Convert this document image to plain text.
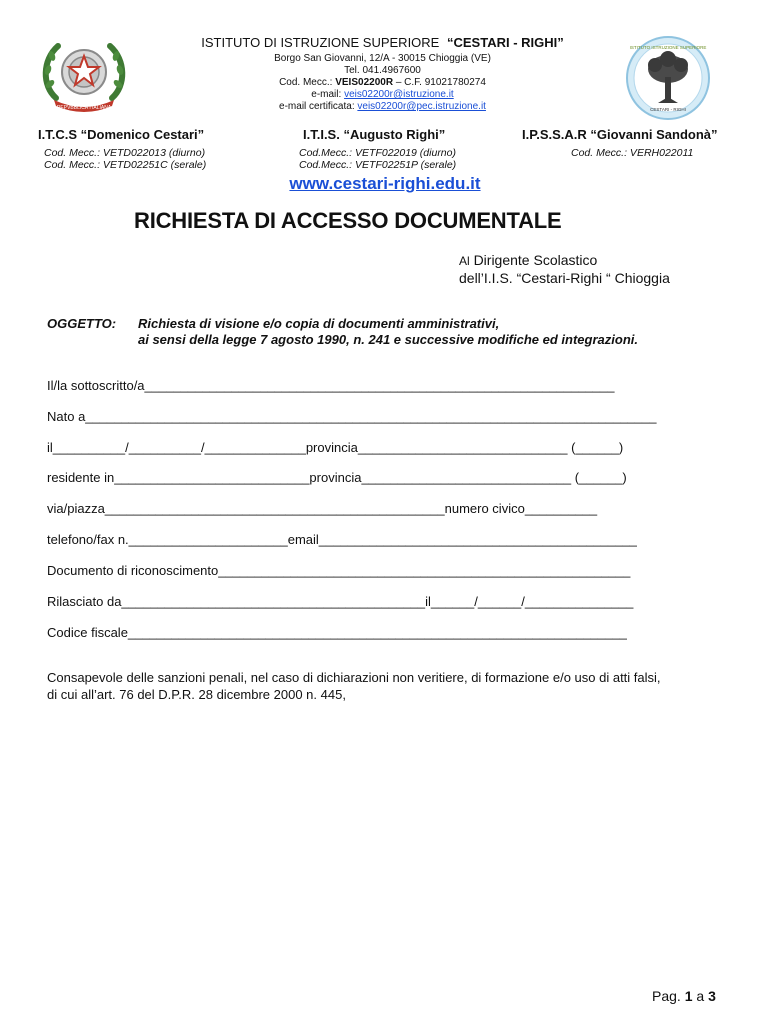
REPVBBLICA ITALIANA
ISTITUTO ISTRUZIONE SUPERIORE
CESTARI - RIGHI
ISTITUTO DI ISTRUZIONE SUPERIORE “CESTARI - RIGHI”
Borgo San Giovanni, 12/A - 30015 Chioggia (VE)
Tel. 041.4967600
Cod. Mecc.: VEIS02200R – C.F. 91021780274
e-mail: veis02200r@istruzione.it
e-mail certificata: veis02200r@pec.istruzione.it
I.T.C.S “Domenico Cestari”
Cod. Mecc.: VETD022013 (diurno)
Cod. Mecc.: VETD02251C (serale)
I.T.I.S. “Augusto Righi”
Cod.Mecc.: VETF022019 (diurno)
Cod.Mecc.: VETF02251P (serale)
I.P.S.S.A.R “Giovanni Sandonà”
Cod. Mecc.: VERH022011
www.cestari-righi.edu.it
RICHIESTA DI ACCESSO DOCUMENTALE
Al Dirigente Scolastico
dell’I.I.S. “Cestari-Righi “ Chioggia
OGGETTO: Richiesta di visione e/o copia di documenti amministrativi,
ai sensi della legge 7 agosto 1990, n. 241 e successive modifiche ed integrazioni.
Il/la sottoscritto/a_________________________________________________________________
Nato a_______________________________________________________________________________
il__________/__________/______________provincia_____________________________ (______)
residente in___________________________provincia_____________________________ (______)
via/piazza_______________________________________________numero civico__________
telefono/fax n.______________________email____________________________________________
Documento di riconoscimento_________________________________________________________
Rilasciato da__________________________________________il______/______/_______________
Codice fiscale_____________________________________________________________________
Consapevole delle sanzioni penali, nel caso di dichiarazioni non veritiere, di formazione e/o uso di atti falsi,
di cui all’art. 76 del D.P.R. 28 dicembre 2000 n. 445,
Pag. 1 a 3
